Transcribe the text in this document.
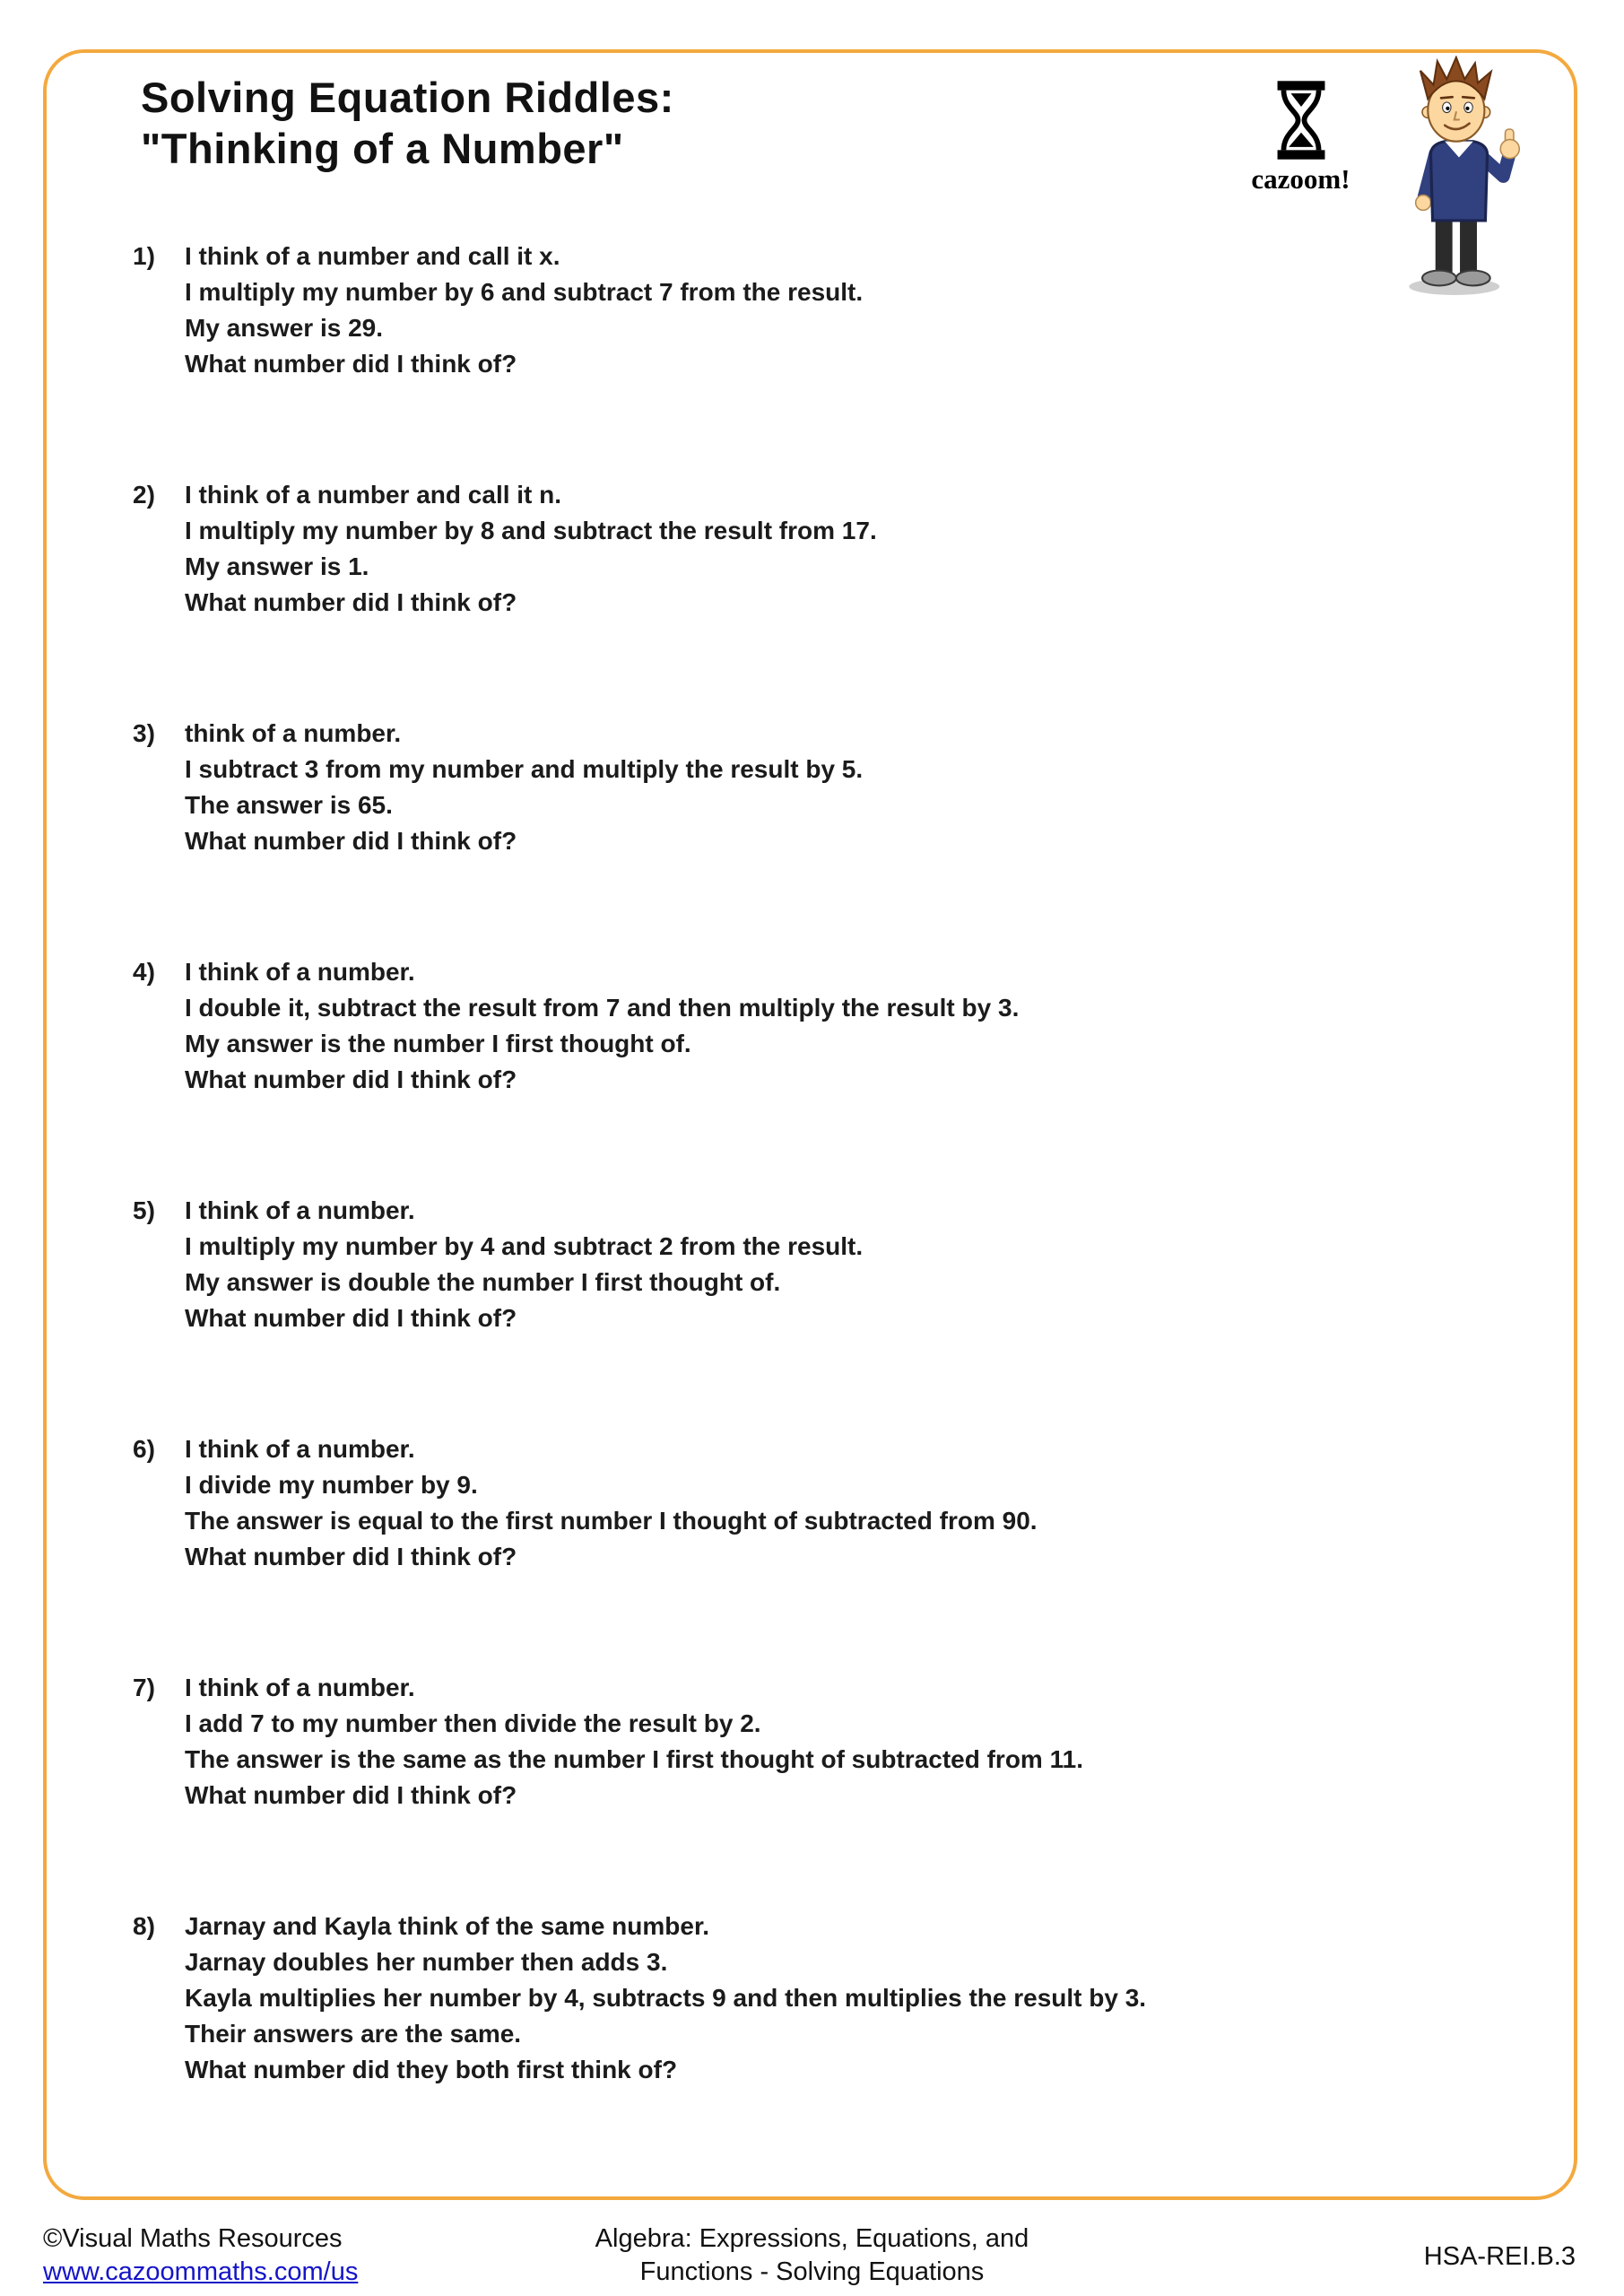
Solving Equation Riddles:
"Thinking of a Number"
cazoom!
1)	I think of a number and call it x.
I multiply my number by 6 and subtract 7 from the result.
My answer is 29.
What number did I think of?
2)	I think of a number and call it n.
I multiply my number by 8 and subtract the result from 17.
My answer is 1.
What number did I think of?
3)	think of a number.
I subtract 3 from my number and multiply the result by 5.
The answer is 65.
What number did I think of?
4)	I think of a number.
I double it, subtract the result from 7 and then multiply the result by 3.
My answer is the number I first thought of.
What number did I think of?
5)	I think of a number.
I multiply my number by 4 and subtract 2 from the result.
My answer is double the number I first thought of.
What number did I think of?
6)	I think of a number.
I divide my number by 9.
The answer is equal to the first number I thought of subtracted from 90.
What number did I think of?
7)	I think of a number.
I add 7 to my number then divide the result by 2.
The answer is the same as the number I first thought of subtracted from 11.
What number did I think of?
8)	Jarnay and Kayla think of the same number.
Jarnay doubles her number then adds 3.
Kayla multiplies her number by 4, subtracts 9 and then multiplies the result by 3.
Their answers are the same.
What number did they both first think of?
©Visual Maths Resources
www.cazoommaths.com/us
Algebra: Expressions, Equations, and
Functions - Solving Equations
HSA-REI.B.3
